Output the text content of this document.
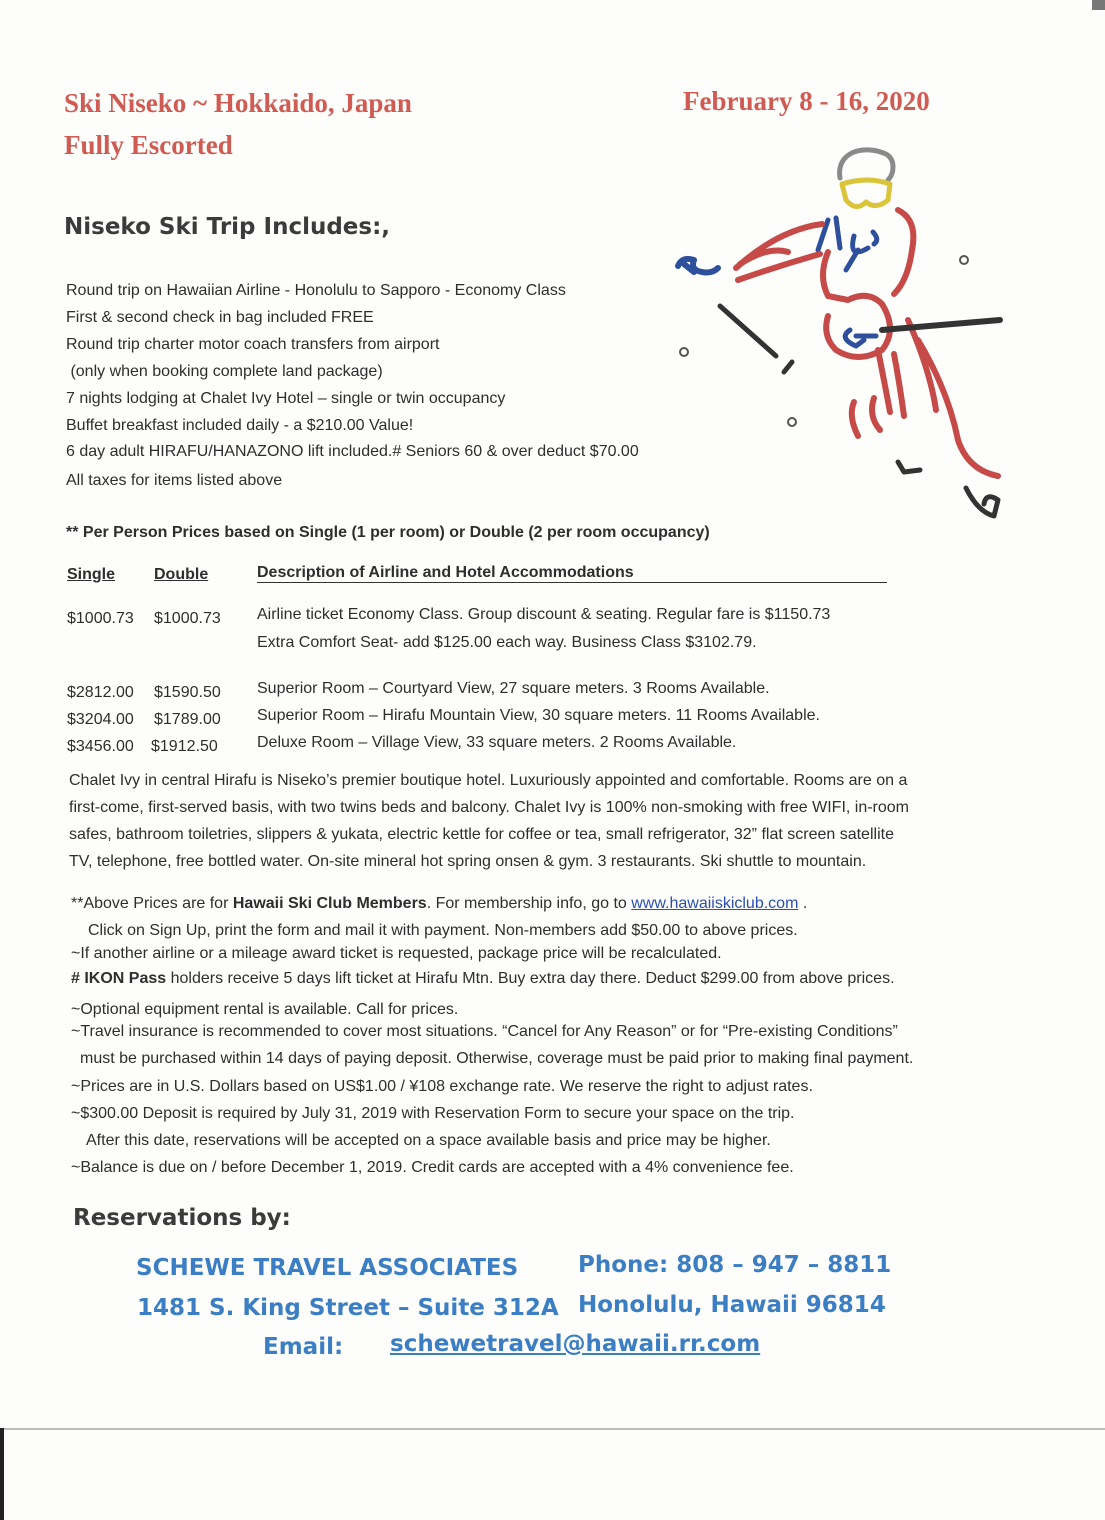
Ski Niseko ~ Hokkaido, Japan
Fully Escorted
February 8 - 16, 2020
Niseko Ski Trip Includes:,
Round trip on Hawaiian Airline - Honolulu to Sapporo - Economy Class
First & second check in bag included FREE
Round trip charter motor coach transfers from airport
(only when booking complete land package)
7 nights lodging at Chalet Ivy Hotel – single or twin occupancy
Buffet breakfast included daily - a $210.00 Value!
6 day adult HIRAFU/HANAZONO lift included.# Seniors 60 & over deduct $70.00
All taxes for items listed above
** Per Person Prices based on Single (1 per room) or Double (2 per room occupancy)
Single Double	Description of Airline and Hotel Accommodations
$1000.73 $1000.73 Airline ticket Economy Class. Group discount & seating. Regular fare is $1150.73
Extra Comfort Seat- add $125.00 each way. Business Class $3102.79.
$2812.00 $1590.50 Superior Room – Courtyard View, 27 square meters. 3 Rooms Available.
$3204.00 $1789.00 Superior Room – Hirafu Mountain View, 30 square meters. 11 Rooms Available.
$3456.00 $1912.50 Deluxe Room – Village View, 33 square meters. 2 Rooms Available.
Chalet Ivy in central Hirafu is Niseko’s premier boutique hotel. Luxuriously appointed and comfortable. Rooms are on a
first-come, first-served basis, with two twins beds and balcony. Chalet Ivy is 100% non-smoking with free WIFI, in-room
safes, bathroom toiletries, slippers & yukata, electric kettle for coffee or tea, small refrigerator, 32” flat screen satellite
TV, telephone, free bottled water. On-site mineral hot spring onsen & gym. 3 restaurants. Ski shuttle to mountain.
**Above Prices are for Hawaii Ski Club Members. For membership info, go to www.hawaiiskiclub.com .
Click on Sign Up, print the form and mail it with payment. Non-members add $50.00 to above prices.
~If another airline or a mileage award ticket is requested, package price will be recalculated.
# IKON Pass holders receive 5 days lift ticket at Hirafu Mtn. Buy extra day there. Deduct $299.00 from above prices.
~Optional equipment rental is available. Call for prices.
~Travel insurance is recommended to cover most situations. “Cancel for Any Reason” or for “Pre-existing Conditions”
must be purchased within 14 days of paying deposit. Otherwise, coverage must be paid prior to making final payment.
~Prices are in U.S. Dollars based on US$1.00 / ¥108 exchange rate. We reserve the right to adjust rates.
~$300.00 Deposit is required by July 31, 2019 with Reservation Form to secure your space on the trip.
After this date, reservations will be accepted on a space available basis and price may be higher.
~Balance is due on / before December 1, 2019. Credit cards are accepted with a 4% convenience fee.
Reservations by:
SCHEWE TRAVEL ASSOCIATES
1481 S. King Street – Suite 312A
Phone: 808 – 947 – 8811
Honolulu, Hawaii 96814
Email: schewetravel@hawaii.rr.com
